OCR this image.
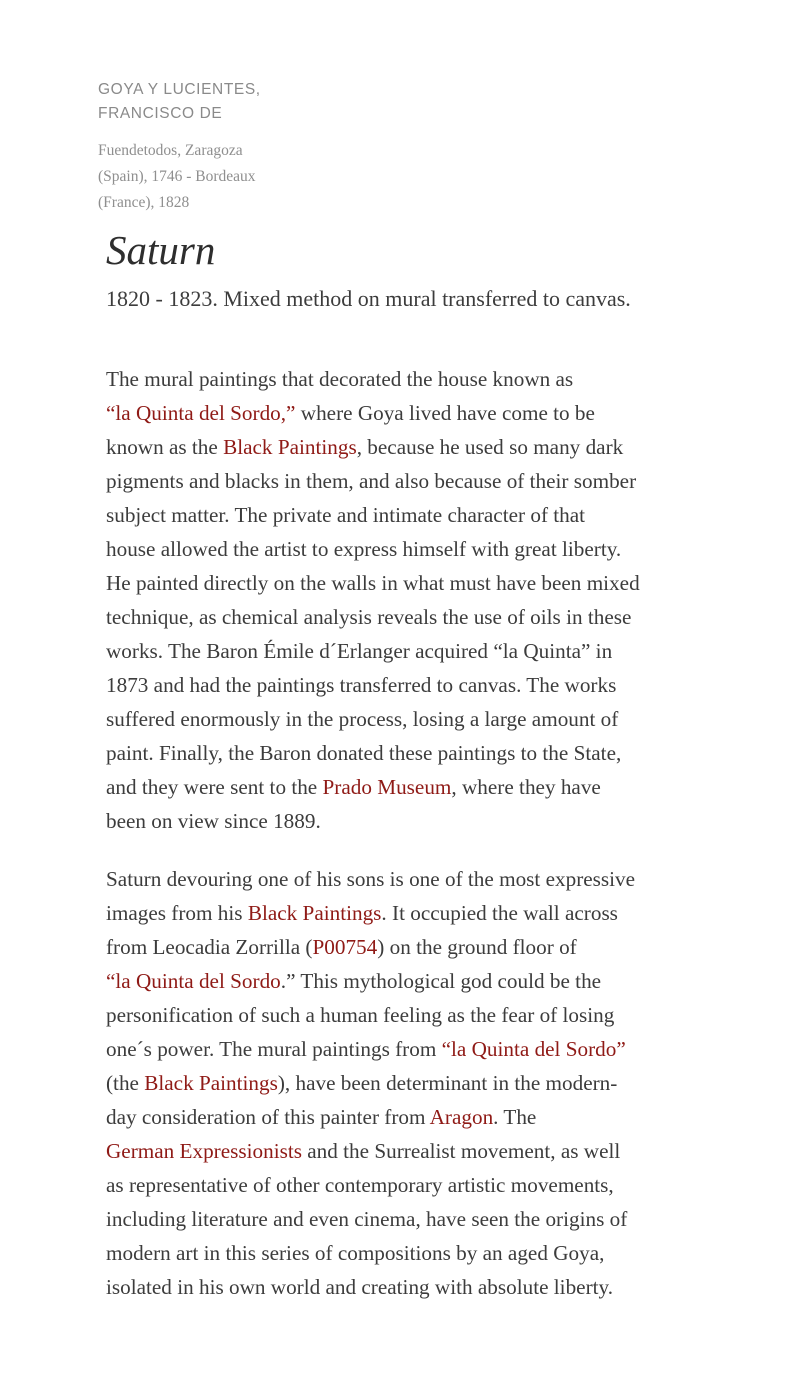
GOYA Y LUCIENTES,
FRANCISCO DE
Fuendetodos, Zaragoza
(Spain), 1746 - Bordeaux
(France), 1828
Saturn
1820 - 1823. Mixed method on mural transferred to canvas.
The mural paintings that decorated the house known as
“la Quinta del Sordo,” where Goya lived have come to be
known as the Black Paintings, because he used so many dark
pigments and blacks in them, and also because of their somber
subject matter. The private and intimate character of that
house allowed the artist to express himself with great liberty.
He painted directly on the walls in what must have been mixed
technique, as chemical analysis reveals the use of oils in these
works. The Baron Émile d´Erlanger acquired “la Quinta” in
1873 and had the paintings transferred to canvas. The works
suffered enormously in the process, losing a large amount of
paint. Finally, the Baron donated these paintings to the State,
and they were sent to the Prado Museum, where they have
been on view since 1889.
Saturn devouring one of his sons is one of the most expressive
images from his Black Paintings. It occupied the wall across
from Leocadia Zorrilla (P00754) on the ground floor of
“la Quinta del Sordo.” This mythological god could be the
personification of such a human feeling as the fear of losing
one´s power. The mural paintings from “la Quinta del Sordo”
(the Black Paintings), have been determinant in the modern-
day consideration of this painter from Aragon. The
German Expressionists and the Surrealist movement, as well
as representative of other contemporary artistic movements,
including literature and even cinema, have seen the origins of
modern art in this series of compositions by an aged Goya,
isolated in his own world and creating with absolute liberty.
